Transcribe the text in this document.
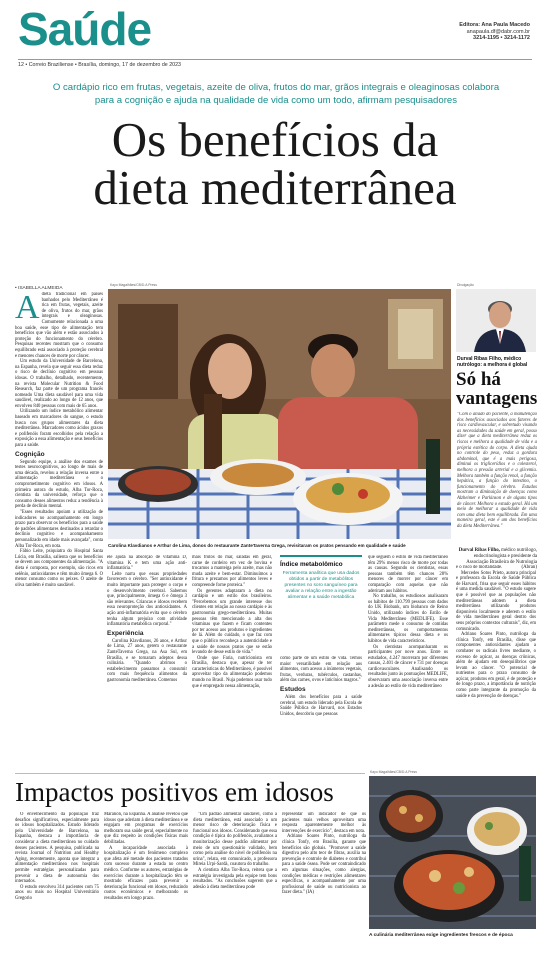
Saúde	Editora: Ana Paula Macedo
anapaula.df@dabr.com.br
3214-1195 • 3214-1172
12 • Correio Braziliense • Brasília, domingo, 17 de dezembro de 2023
O cardápio rico em frutas, vegetais, azeite de oliva, frutos do mar, grãos integrais e oleaginosas colabora para a cognição e ajuda na qualidade de vida como um todo, afirmam pesquisadores
Os benefícios da
dieta mediterrânea
• ISABELLA ALMEIDA
A dieta tradicional em países banhados pelo Mediterrâneo é rica em frutas, vegetais, azeite de oliva, frutos do mar, grãos integrais e oleaginosas. Comumente relacionada a uma boa saúde, esse tipo de alimentação tem benefícios que vão além e estão associados à proteção do funcionamento do cérebro. Pesquisas recentes mostram que o consumo equilibrado está associado à proteção cerebral e menores chances de morte por câncer.

Um estudo da Universidade de Barcelona, na Espanha, revela que seguir essa dieta reduz o risco de declínio cognitivo em pessoas idosas. O trabalho, detalhado, recentemente, na revista Molecular Nutrition & Food Research, faz parte de um programa francês nomeado Uma dieta saudável para uma vida saudável, realizado ao longo de 12 anos, que envolveu 840 pessoas com mais de 65 anos.

Utilizando um índice metabólico alimentar baseado em marcadores do sangue, o estudo busca nos grupos alimentares da dieta mediterrânea. Marcadores como ácidos graxos e polifenóis foram escolhidos pela relação a exposição a essa alimentação e seus benefícios para a saúde.

Cognição

Segundo equipe, a análise dos exames de testes neurocognitivos, ao longo de mais de uma década, revelou a relação inversa entre a alimentação mediterrânea e o comprometimento cognitivo em idosos. A primeira autora do estudo, Alba Tor-Roca, cientista da universidade, reforça que o consumo desses alimentos reduz a tendência à perda de declínio mental.

"Esses resultados apoiam a utilização de indicadores no acompanhamento em longo prazo para observar os benefícios para a saúde de padrões alimentares destinados a retardar o declínio cognitivo e acompanhamento personalizado em idade mais avançada", conta Alba Tor-Roca, em nota.

Fábio Leite, psiquiatra do Hospital Santa Lúcia, em Brasília, salienta que os benefícios se devem aos componentes da alimentação. "A dieta é composta, por exemplo, são ricos em selênio, antioxidantes e têm muito ômega 6. O menor consumo como os peixes. O azeite de oliva também é muito saudável.

Kayo Magalhães/CB/D.A Press
Carolina Klavdianos e Arthur de Lima, donos do restaurante ZanteTaverna Grega, revisitaram os pratos pensando em qualidade e saúde
Divulgação
Durval Ribas Filho, médico nutrólogo: a melhora é global
Só há vantagens
"Com o aliado do paciente, a manutenção dos benefícios associados aos fatores de risco cardiovascular, e sobretudo visando as necessidades da saúde em geral, posso dizer que a dieta mediterrânea reduz os riscos e melhora a qualidade de vida e a própria estética do corpo. A dieta ajuda no controle do peso, reduz a gordura abdominal, que é a mais perigosa, diminui os triglicerídios e o colesterol, melhora a pressão arterial e a glicemia. Melhora também a função renal, a função hepática, a função do intestino, o funcionamento do cérebro. Estudos mostram a diminuição de doenças como Alzheimer e Parkinson e de alguns tipos de câncer. Melhora o estado geral. Há um meio de melhorar a qualidade de vida com uma dieta bem equilibrada. Em uma maneira geral, este é um dos benefícios da dieta Mediterrânea."
Durval Ribas Filho, médico nutrólogo, endocrinologista e presidente da Associação Brasileira de Nutrologia (Abran)

ele ajuda na absorção de vitamina D, vitamina K e tem uma ação anti-inflamatória."

Leite narra que essas propriedades favorecem o cérebro. "Ser antioxidante é muito importante para proteger o corpo e o desenvolvimento cerebral. Sabemos que, principalmente, ômega 6 e ômega 3 são relevantes. Criancas e idosos recebem essa neuroproteção dos antioxidantes. A ação anti-inflamatória evita que o cérebro tenha algum prejuízo com atividade inflamatória metabólica corporal."

Experiência

Carolina Klavdianos, 26 anos, e Arthur de Lima, 27 anos, gerem o restaurante ZanteTaverna Grega, na Asa Sul, em Brasília, e se tornaram adeptos dessa culinária. "Quando abrimos o estabelecimento passamos a consumir com mais frequência alimentos da gastronomia mediterrânea. Comemos

mais frutos do mar, saladas em geral, carne de cordeiro em vez de bovina e trocamos a manteiga pelo azeite, mas não muda azeite e bem-estar. Diminuímos a fritura e prezamos por alimentos leves e compreende forne proteica."

Os gerentes adaptaram a dieta no cardápio e um estilo dos brasileiros. "Percebemos um grande interesse dos clientes em relação ao nosso cardápio e às gastronomia grego-mediterrânea. Muitas pessoas têm mencionado a alta dos vitaminas que fazem e ficam contentes por ter acesso aos produtos e ingredientes de lá. Além do cuidado, o que faz com que o público reconheça a autenticidade e a saúde de nossos pratos que se estão levando de desse estilo de vida."

Onde que Faria, nutricionista em Brasília, destaca que, apesar de ter características do Mediterrâneo, é possível aproveitar tipo da alimentação podemos mundo no Brasil. Nuja podemos usar tudo que é empregado nessa alimentação,

Índice metabolômico
Ferramenta analítica que usa dados obtidos a partir de metabólitos presentes no soro sanguíneo para avaliar a relação entre a ingestão alimentar e a saúde metabólica

como parte de um estilo de vida. Temos maior versatilidade em relação aos alimentos, com acesso a inúmeros vegetais, frutas, verduras, tubérculos, castanhas, além das carnes, ovos e laticínios magros."

Estudos

Além dos benefícios para a saúde cerebral, um estudo liderado pela Escola de Saúde Pública de Harvard, nos Estados Unidos, descobriu que pessoas

que seguem o estilo de vida mediterrâneo têm 29% menos risco de morte por todas as causas. Segundo os cientistas, essas pessoas também têm chances 28% menores de morrer por câncer em comparação com aquelas que não aderiram aos hábitos.

No trabalho, os estudiosos analisaram os hábitos de 110.799 pessoas com dados do UK Biobank, um biobanco de Reino Unido, utilizando índices do Estilo de Vida Mediterrâneo (MEDLIFE). Esse parâmetro mede o consumo de comidas mediterrâneas, os comportamentos alimentares típicos dessa dieta e os hábitos de vida característicos.

Os cientistas acompanharam os participantes por nove anos. Entre os estudados, 4.247 morreram por diferentes causas, 2.401 de câncer e 731 por doenças cardiovasculares. Analisando os resultados junto às pontuações MEDLIFE, observaram uma associação inversa entre a adesão ao estilo de vida mediterrâneo

e o risco de mortalidade.

Mercedes Sotos Prieto, autora principal e professora da Escola de Saúde Pública de Harvard, frisa que seguir esses hábitos é uma medida saudável. "O estudo sugere que é possível que as populações não mediterrâneas adotem a dieta mediterrânea utilizando produtos disponíveis localmente e aderem o estilo de vida mediterrâneo geral dentro dos seus próprios contextos culturais", diz, em comunicado.

Adriano Soares Pinto, nutróloga da clínica Tonfy, em Brasília, disse que componentes antioxidantes ajudam a combater os radicais livres mediante, o excesso de açúcar, as doenças crônicas, além de ajudam em desequilíbrios que levam ao câncer. "O potencial de nutrientes para o prazo consumo de açúcar, produtos em geral, é de proteção e de longo prazo, a importância de nutrição como parte integrante da promoção da saúde e da prevenção de doenças."

Impactos positivos em idosos

O envelhecimento da população traz desafios significativos, especialmente para os idosos hospitalizados. Estudo liderado pela Universidade de Barcelona, na Espanha, destaca a importância de considerar a dieta mediterrânea no cuidado desses pacientes. A pesquisa, publicada na revista Journal of Nutrition and Healthy Aging, recentemente, aponta que integrar a alimentação mediterrânea nos hospitais permite estratégias personalizadas para prevenir a dieta de autonomia dos internados.

O estudo envolveu 314 pacientes com 75 anos ou mais no Hospital Universitário Gregorio

Marañón, na Espanha. A análise revelou que idosos que aderiam à dieta mediterrânea e se engajam em programas de exercícios melhoram sua saúde geral, especialmente no que diz respeito às condições físicas mais debilitadas.

A incapacidade associada à hospitalização é um fenômeno complexo que afeta até metade dos pacientes tratados com sucesso durante a estada no centro médico. Conforme os autores, estratégias de exercícios durante a hospitalização têm se mostrado eficazes para prevenir a deterioração funcional em idosos, reduzindo custos econômicos e melhorando os resultados em longo prazo.

"Um padrão alimentar saudável, como a dieta mediterrânea, está associado a um menor risco de deterioração física e funcional nos idosos. Considerando que essa condição é típica do polifenóis, avaliamos a monitorização desse padrão alimentar por meio de um questionário validado, bem como pela análise do nível de polifenóis na urina", relata, em comunicado, a professora Mireia Urpi-Sardà, coautora do trabalho.

A cientista Alba Tor-Roca, reitera que a estratégia investigada pela equipe tem bons resultados. "As conclusões sugerem que a adesão à dieta mediterrânea pode

representar um indicador de que os pacientes mais velhos aproveitam uma resposta aparentemente melhor às intervenções de exercício", destaca em nota.

Adriano Soares Pinto, nutróloga da clínica Tonfy, em Brasília, garante que benefícios são globais. "Promover a saúde digestiva pelo alto teor de fibras, auxilia na prevenção e controle de diabetes e contribui para a saúde óssea. Pode ser contraindicado em algumas situações, como alergias, condições médicas e restrições alimentares específicas, o acompanhamento por uma profissional de saúde ou nutricionista ao fazer dieta." (IA)

Kayo Magalhães/CB/D.A Press
A culinária mediterrânea exige ingredientes frescos e de época
